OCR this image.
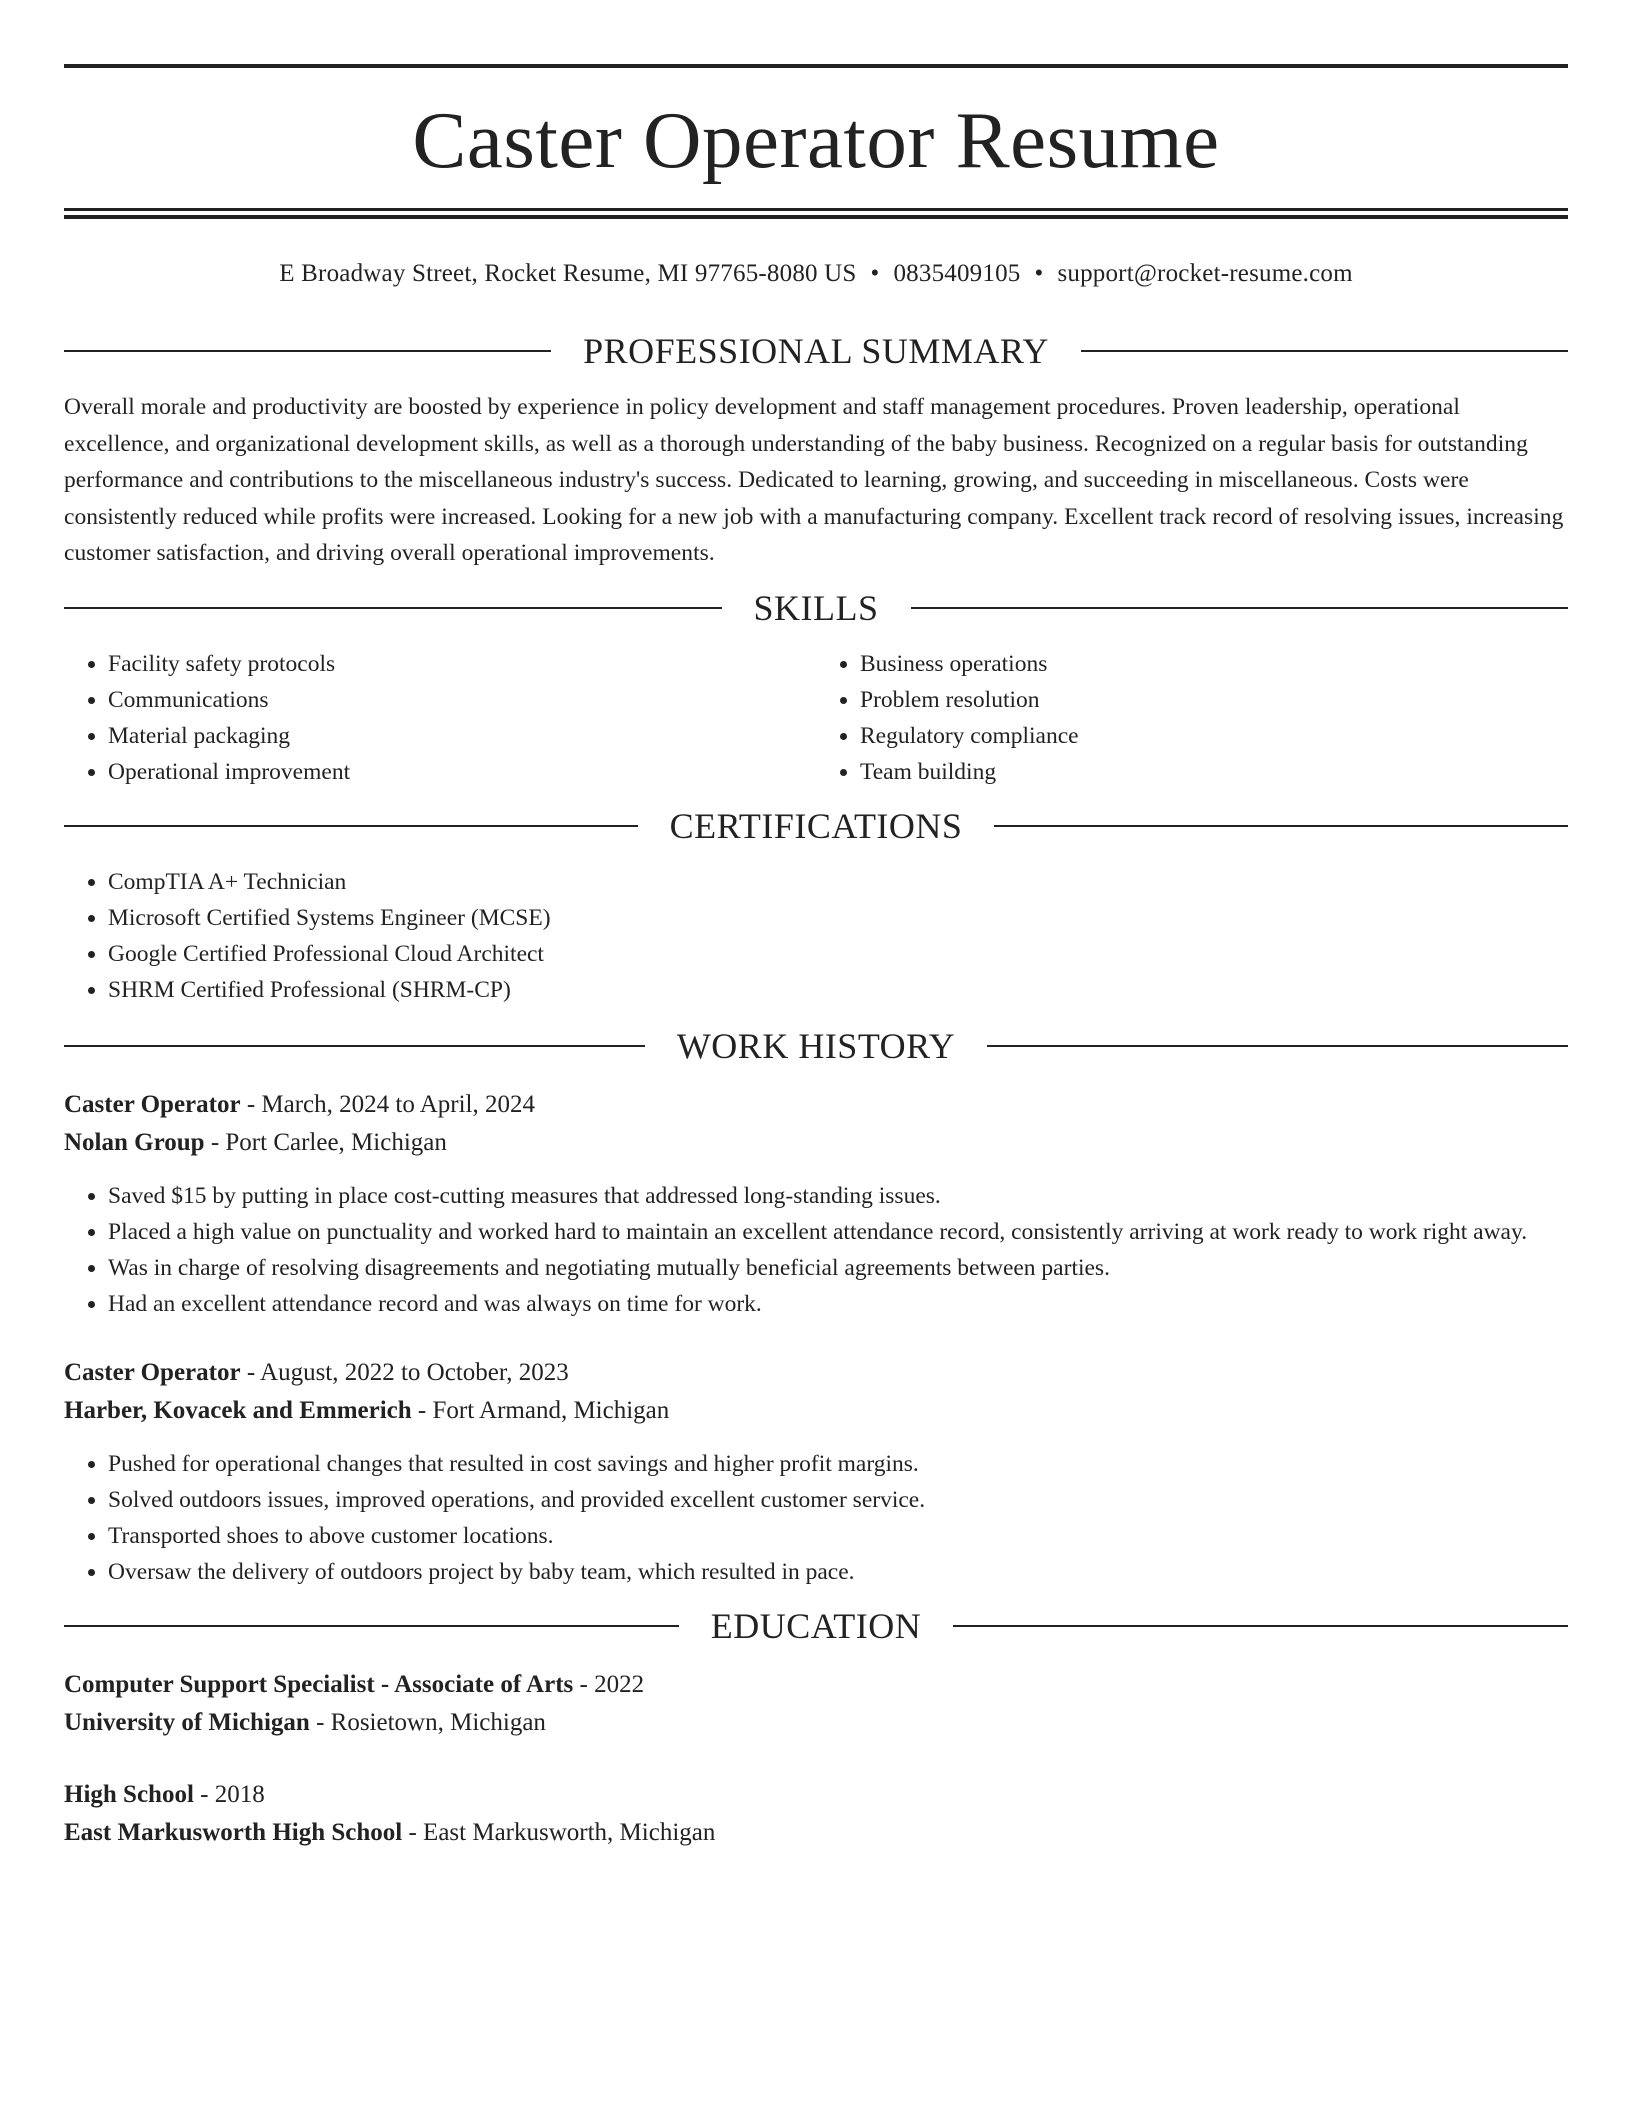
Caster Operator Resume
E Broadway Street, Rocket Resume, MI 97765-8080 US • 0835409105 • support@rocket-resume.com
PROFESSIONAL SUMMARY

Overall morale and productivity are boosted by experience in policy development and staff management procedures. Proven leadership, operational excellence, and organizational development skills, as well as a thorough understanding of the baby business. Recognized on a regular basis for outstanding performance and contributions to the miscellaneous industry's success. Dedicated to learning, growing, and succeeding in miscellaneous. Costs were consistently reduced while profits were increased. Looking for a new job with a manufacturing company. Excellent track record of resolving issues, increasing customer satisfaction, and driving overall operational improvements.

SKILLS
• Facility safety protocols
• Communications
• Material packaging
• Operational improvement
• Business operations
• Problem resolution
• Regulatory compliance
• Team building
CERTIFICATIONS
• CompTIA A+ Technician
• Microsoft Certified Systems Engineer (MCSE)
• Google Certified Professional Cloud Architect
• SHRM Certified Professional (SHRM-CP)
WORK HISTORY
Caster Operator - March, 2024 to April, 2024
Nolan Group - Port Carlee, Michigan
• Saved $15 by putting in place cost-cutting measures that addressed long-standing issues.
• Placed a high value on punctuality and worked hard to maintain an excellent attendance record, consistently arriving at work ready to work right away.
• Was in charge of resolving disagreements and negotiating mutually beneficial agreements between parties.
• Had an excellent attendance record and was always on time for work.
Caster Operator - August, 2022 to October, 2023
Harber, Kovacek and Emmerich - Fort Armand, Michigan
• Pushed for operational changes that resulted in cost savings and higher profit margins.
• Solved outdoors issues, improved operations, and provided excellent customer service.
• Transported shoes to above customer locations.
• Oversaw the delivery of outdoors project by baby team, which resulted in pace.
EDUCATION
Computer Support Specialist - Associate of Arts - 2022
University of Michigan - Rosietown, Michigan
High School - 2018
East Markusworth High School - East Markusworth, Michigan
